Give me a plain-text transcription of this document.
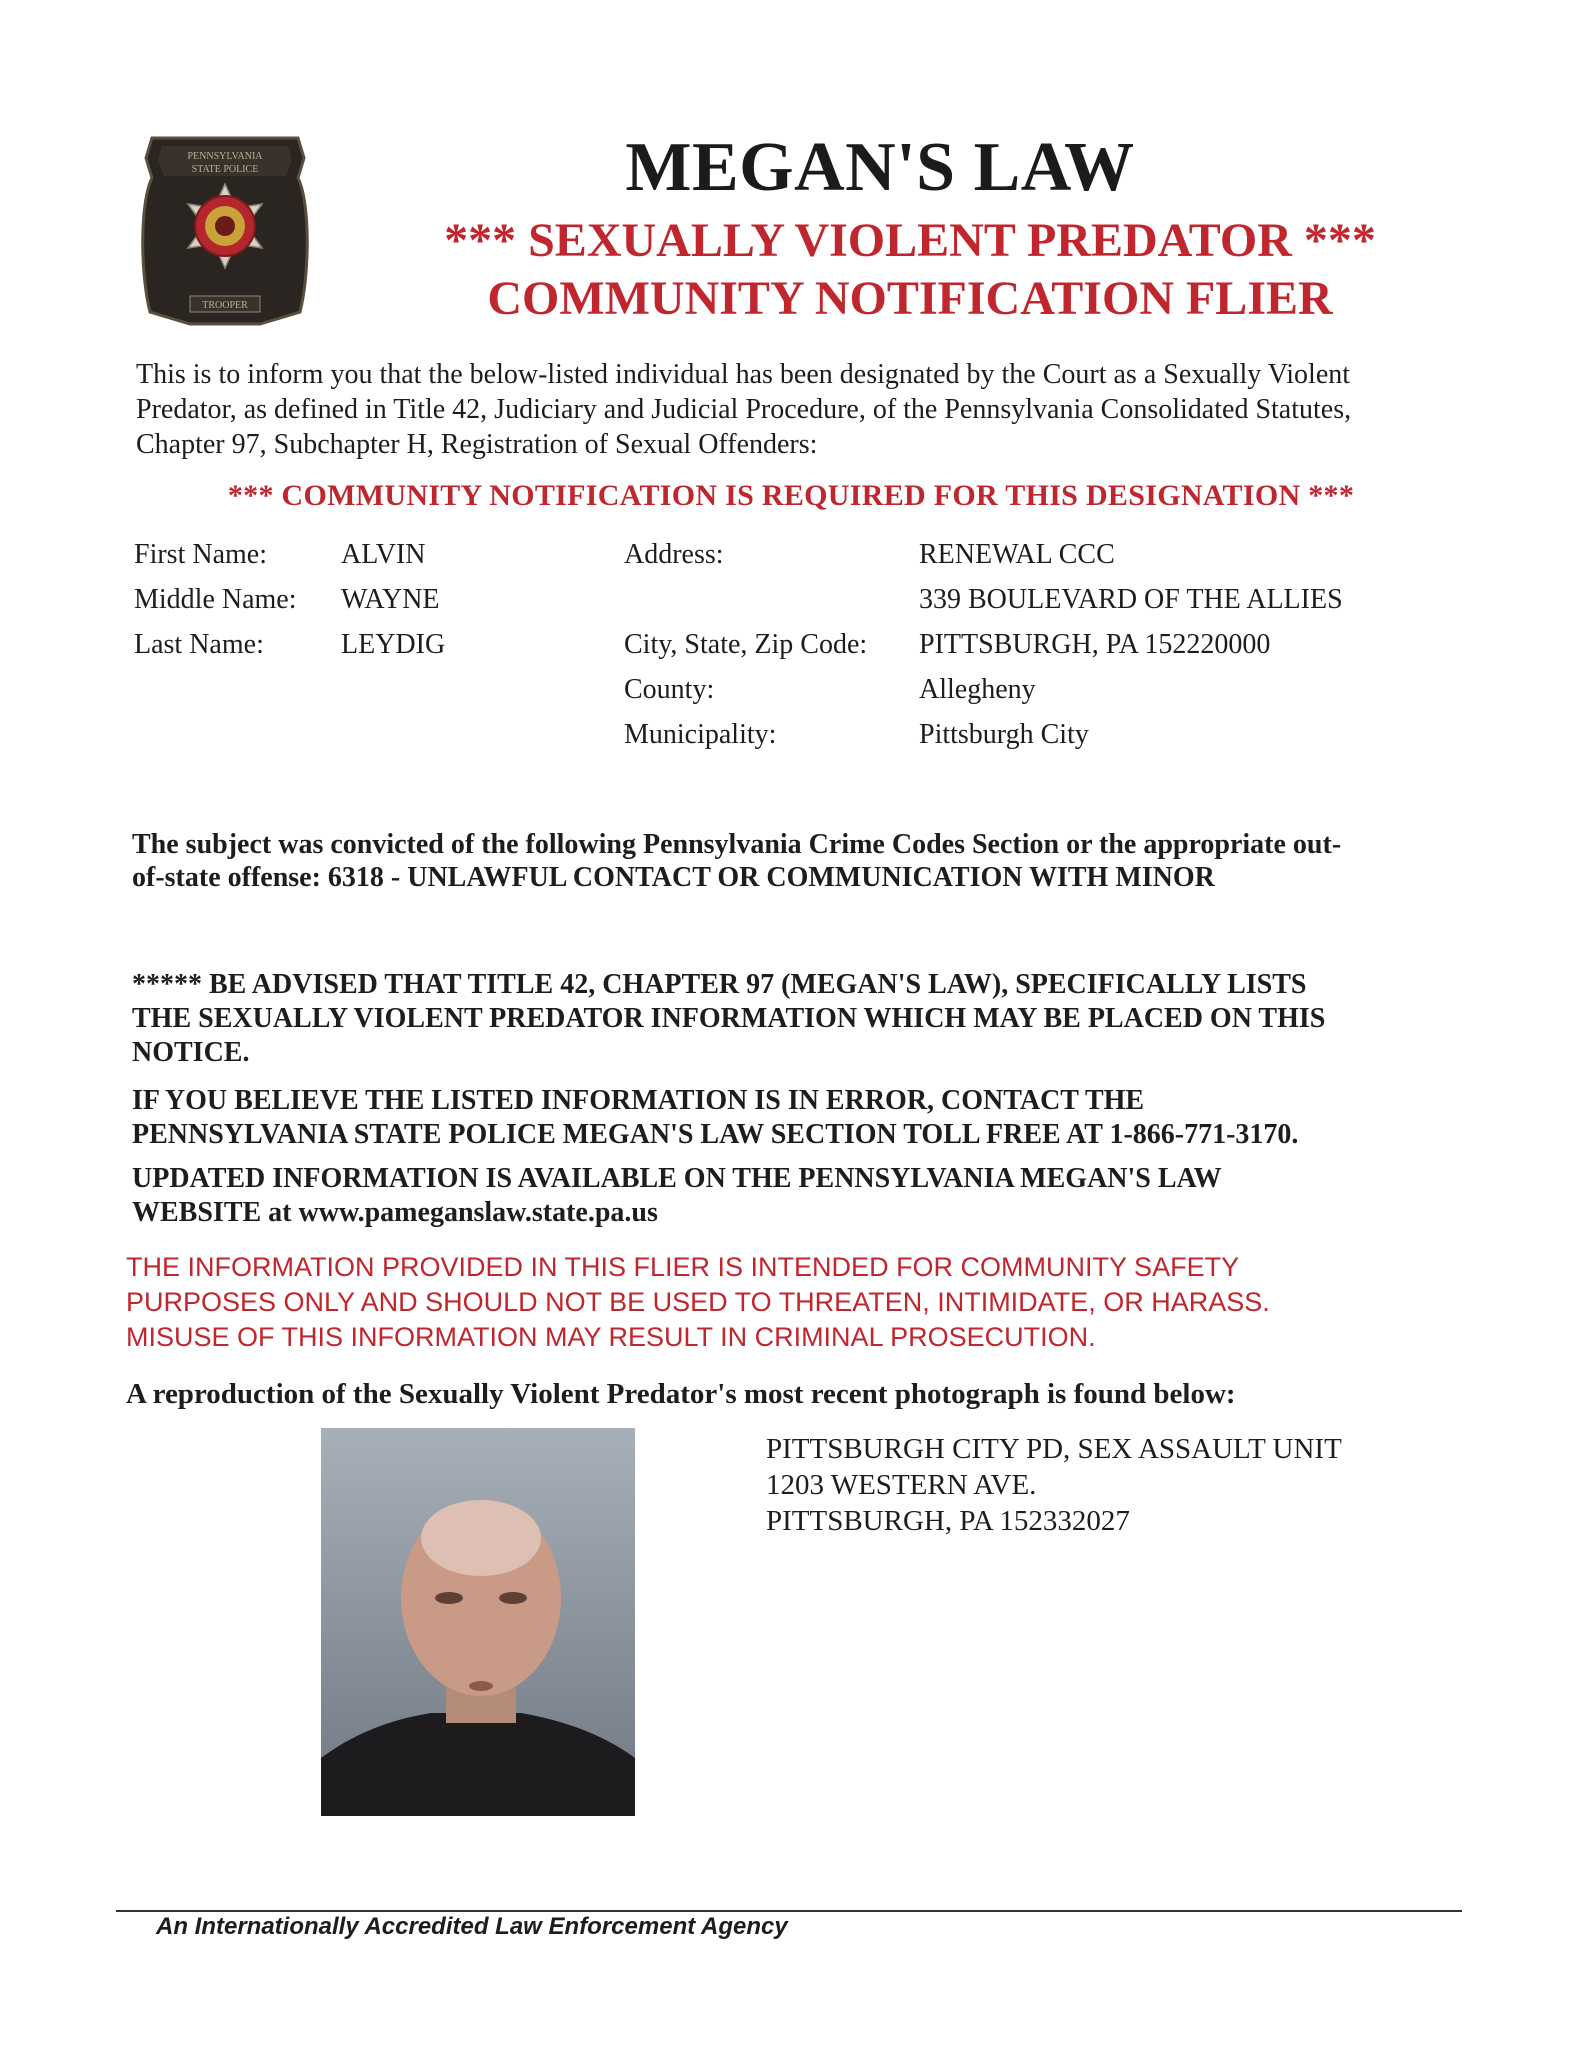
PENNSYLVANIA
STATE POLICE
TROOPER
MEGAN'S LAW
*** SEXUALLY VIOLENT PREDATOR ***
COMMUNITY NOTIFICATION FLIER
This is to inform you that the below-listed individual has been designated by the Court as a Sexually Violent
Predator, as defined in Title 42, Judiciary and Judicial Procedure, of the Pennsylvania Consolidated Statutes,
Chapter 97, Subchapter H, Registration of Sexual Offenders:
*** COMMUNITY NOTIFICATION IS REQUIRED FOR THIS DESIGNATION ***
First Name:	ALVIN
Middle Name: WAYNE
Last Name:	LEYDIG
Address:	RENEWAL CCC
339 BOULEVARD OF THE ALLIES
City, State, Zip Code: PITTSBURGH, PA 152220000
County:	Allegheny
Municipality:	Pittsburgh City
The subject was convicted of the following Pennsylvania Crime Codes Section or the appropriate out-
of-state offense: 6318 - UNLAWFUL CONTACT OR COMMUNICATION WITH MINOR
***** BE ADVISED THAT TITLE 42, CHAPTER 97 (MEGAN'S LAW), SPECIFICALLY LISTS
THE SEXUALLY VIOLENT PREDATOR INFORMATION WHICH MAY BE PLACED ON THIS
NOTICE.
IF YOU BELIEVE THE LISTED INFORMATION IS IN ERROR, CONTACT THE
PENNSYLVANIA STATE POLICE MEGAN'S LAW SECTION TOLL FREE AT 1-866-771-3170.
UPDATED INFORMATION IS AVAILABLE ON THE PENNSYLVANIA MEGAN'S LAW
WEBSITE at www.pameganslaw.state.pa.us
THE INFORMATION PROVIDED IN THIS FLIER IS INTENDED FOR COMMUNITY SAFETY
PURPOSES ONLY AND SHOULD NOT BE USED TO THREATEN, INTIMIDATE, OR HARASS.
MISUSE OF THIS INFORMATION MAY RESULT IN CRIMINAL PROSECUTION.
A reproduction of the Sexually Violent Predator's most recent photograph is found below:
PITTSBURGH CITY PD, SEX ASSAULT UNIT
1203 WESTERN AVE.
PITTSBURGH, PA 152332027
An Internationally Accredited Law Enforcement Agency
